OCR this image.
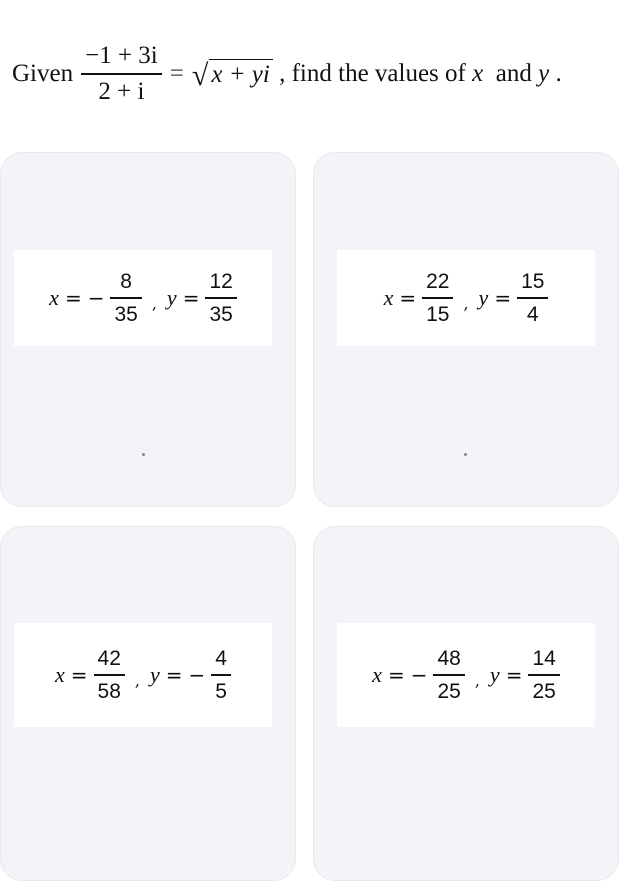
Given $\frac{-1 + 3i}{2 + i}$ = √ x + yi , find the values of x and y .
x = − $\frac{8}{35}$ , $y = \frac{12}{35}$	$x = \frac{22}{15}$ , $y = \frac{15}{4}$
$x = \frac{42}{58}$ , y = − $\frac{4}{5}$	x = − $\frac{48}{25}$ , $y = \frac{14}{25}$
